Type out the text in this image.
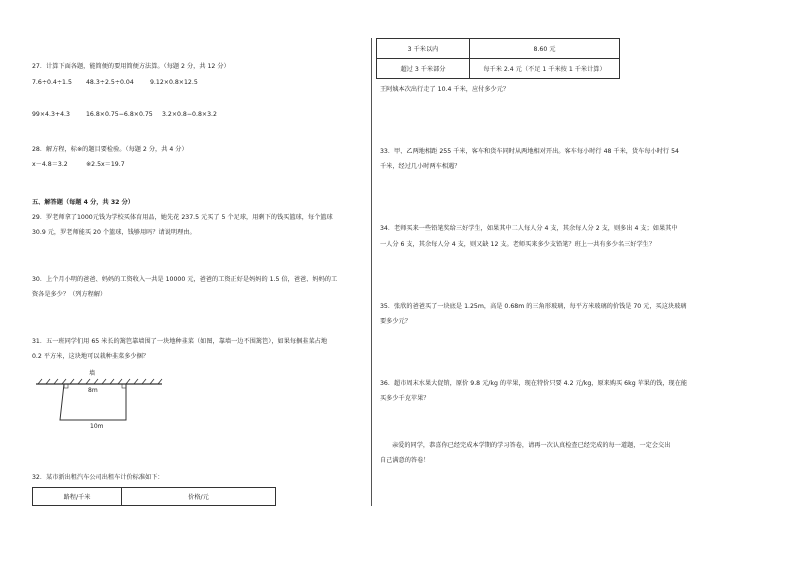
27．计算下面各题，能简便的要用简便方法算。（每题 2 分，共 12 分）
7.6÷0.4÷1.5 48.3÷2.5÷0.04	9.12×0.8×12.5
99×4.3+4.3	16.8×0.75−6.8×0.75 3.2×0.8−0.8×3.2
28．解方程，标※的题目要检验。（每题 2 分，共 4 分）
x－4.8＝3.2	※2.5x＝19.7
五、解答题（每题 4 分，共 32 分）
29．罗老师拿了1000元钱为学校买体育用品，她先花 237.5 元买了 5 个足球，用剩下的钱买篮球，每个篮球
30.9 元，罗老师能买 20 个篮球，钱够用吗？请说明理由。
30．上个月小明的爸爸、妈妈的工资收入一共是 10000 元，爸爸的工资正好是妈妈的 1.5 倍，爸爸、妈妈的工
资各是多少？（列方程解）
31．五一班同学们用 65 米长的篱笆靠墙围了一块地种韭菜（如图，靠墙一边不围篱笆），如果每捆韭菜占地
0.2 平方米，这块地可以栽种韭菜多少捆？
墙
8m
10m
32．某市新出租汽车公司出租车计价标准如下：
路程/千米	价格/元
3 千米以内	8.60 元
超过 3 千米部分	每千米 2.4 元（不足 1 千米按 1 千米计算）
王阿姨本次出行走了 10.4 千米，应付多少元？
33．甲、乙两地相距 255 千米，客车和货车同时从两地相对开出。客车每小时行 48 千米，货车每小时行 54
千米，经过几小时两车相遇？
34．老师买来一些铅笔奖给三好学生，如果其中二人每人分 4 支，其余每人分 2 支，则多出 4 支；如果其中
一人分 6 支，其余每人分 4 支，则又缺 12 支。老师买来多少支铅笔？班上一共有多少名三好学生？
35．张欣的爸爸买了一块底是 1.25m，高是 0.68m 的三角形玻璃，每平方米玻璃的价钱是 70 元，买这块玻璃
要多少元？
36．超市周末水果大促销，原价 9.8 元/kg 的苹果，现在特价只要 4.2 元/kg，原来购买 6kg 苹果的钱，现在能
买多少千克苹果？
亲爱的同学，恭喜你已经完成本学期的学习答卷，请再一次认真检查已经完成的每一道题，一定会交出
自己满意的答卷！
